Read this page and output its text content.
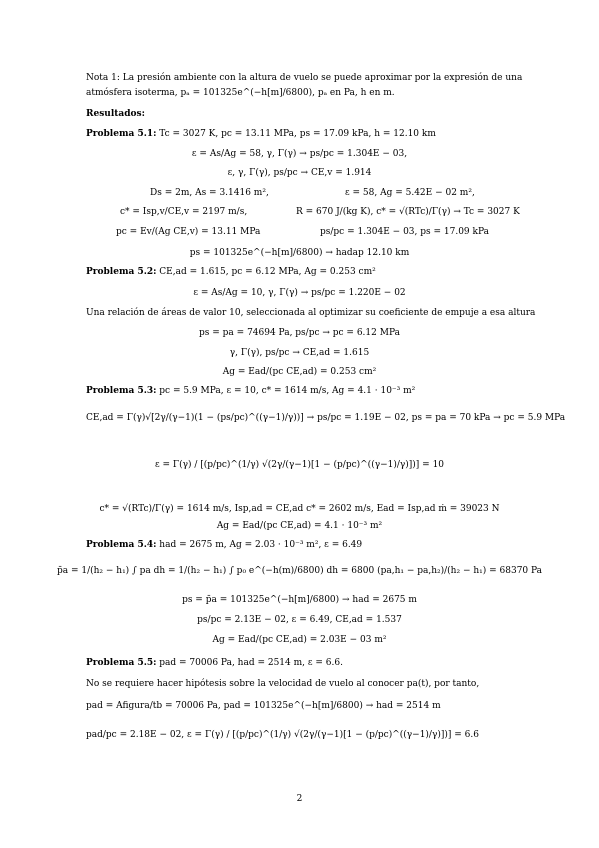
Nota 1: La presión ambiente con la altura de vuelo se puede aproximar por la expresión de una
atmósfera isoterma, pₐ = 101325e^(−h[m]/6800), pₐ en Pa, h en m.
Resultados:
Problema 5.1: Tc = 3027 K, pc = 13.11 MPa, ps = 17.09 kPa, h = 12.10 km
ε = As/Ag = 58, γ, Γ(γ) → ps/pc = 1.304E − 03,
ε, γ, Γ(γ), ps/pc → CE,v = 1.914
Ds = 2m, As = 3.1416 m²,	ε = 58, Ag = 5.42E − 02 m²,
c* = Isp,v/CE,v = 2197 m/s,	R = 670 J/(kg K), c* = √(RTc)/Γ(γ) → Tc = 3027 K
pc = Ev/(Ag CE,v) = 13.11 MPa	ps/pc = 1.304E − 03, ps = 17.09 kPa
ps = 101325e^(−h[m]/6800) → hadap 12.10 km
Problema 5.2: CE,ad = 1.615, pc = 6.12 MPa, Ag = 0.253 cm²
ε = As/Ag = 10, γ, Γ(γ) → ps/pc = 1.220E − 02
Una relación de áreas de valor 10, seleccionada al optimizar su coeficiente de empuje a esa altura
ps = pa = 74694 Pa, ps/pc → pc = 6.12 MPa
γ, Γ(γ), ps/pc → CE,ad = 1.615
Ag = Ead/(pc CE,ad) = 0.253 cm²
Problema 5.3: pc = 5.9 MPa, ε = 10, c* = 1614 m/s, Ag = 4.1 · 10⁻³ m²
CE,ad = Γ(γ)√[2γ/(γ−1)(1 − (ps/pc)^((γ−1)/γ))] → ps/pc = 1.19E − 02, ps = pa = 70 kPa → pc = 5.9 MPa
ε = Γ(γ) / [(p/pc)^(1/γ) √(2γ/(γ−1)[1 − (p/pc)^((γ−1)/γ)])] = 10
c* = √(RTc)/Γ(γ) = 1614 m/s, Isp,ad = CE,ad c* = 2602 m/s, Ead = Isp,ad ṁ = 39023 N
Ag = Ead/(pc CE,ad) = 4.1 · 10⁻³ m²
Problema 5.4: had = 2675 m, Ag = 2.03 · 10⁻³ m², ε = 6.49
p̄a = 1/(h₂ − h₁) ∫ pa dh = 1/(h₂ − h₁) ∫ p₀ e^(−h(m)/6800) dh = 6800 (pa,h₁ − pa,h₂)/(h₂ − h₁) = 68370 Pa
ps = p̄a = 101325e^(−h[m]/6800) → had = 2675 m
ps/pc = 2.13E − 02, ε = 6.49, CE,ad = 1.537
Ag = Ead/(pc CE,ad) = 2.03E − 03 m²
Problema 5.5: pad = 70006 Pa, had = 2514 m, ε = 6.6.
No se requiere hacer hipótesis sobre la velocidad de vuelo al conocer pa(t), por tanto,
pad = Afigura/tb = 70006 Pa, pad = 101325e^(−h[m]/6800) → had = 2514 m
pad/pc = 2.18E − 02, ε = Γ(γ) / [(p/pc)^(1/γ) √(2γ/(γ−1)[1 − (p/pc)^((γ−1)/γ)])] = 6.6
2
